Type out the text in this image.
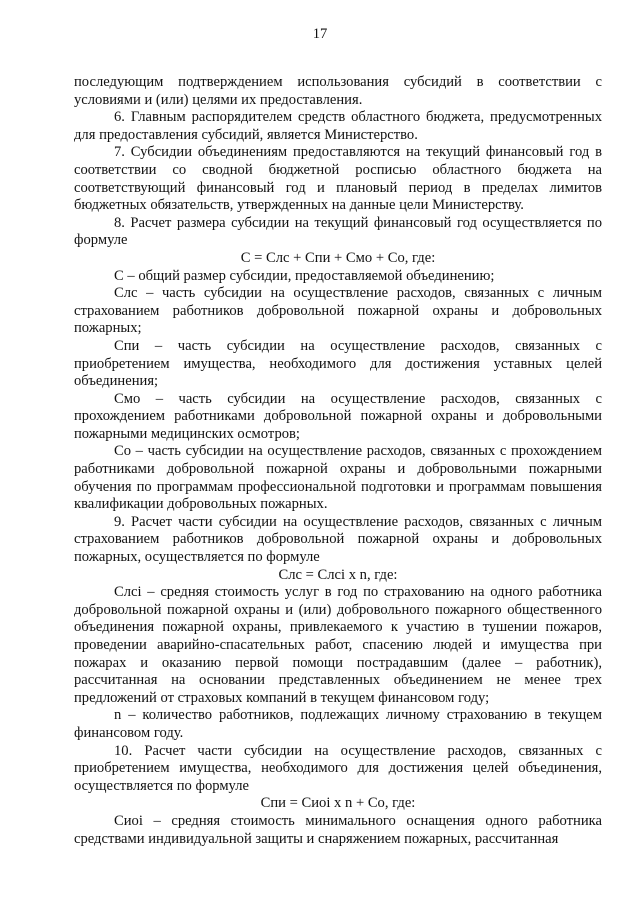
17

последующим подтверждением использования субсидий в соответствии с условиями и (или) целями их предоставления.

6. Главным распорядителем средств областного бюджета, предусмотренных для предоставления субсидий, является Министерство.

7. Субсидии объединениям предоставляются на текущий финансовый год в соответствии со сводной бюджетной росписью областного бюджета на соответствующий финансовый год и плановый период в пределах лимитов бюджетных обязательств, утвержденных на данные цели Министерству.

8. Расчет размера субсидии на текущий финансовый год осуществляется по формуле

С = Слс + Спи + Смо + Со, где:

С – общий размер субсидии, предоставляемой объединению;

Слс – часть субсидии на осуществление расходов, связанных с личным страхованием работников добровольной пожарной охраны и добровольных пожарных;

Спи – часть субсидии на осуществление расходов, связанных с приобретением имущества, необходимого для достижения уставных целей объединения;

Смо – часть субсидии на осуществление расходов, связанных с прохождением работниками добровольной пожарной охраны и добровольными пожарными медицинских осмотров;

Со – часть субсидии на осуществление расходов, связанных с прохождением работниками добровольной пожарной охраны и добровольными пожарными обучения по программам профессиональной подготовки и программам повышения квалификации добровольных пожарных.

9. Расчет части субсидии на осуществление расходов, связанных с личным страхованием работников добровольной пожарной охраны и добровольных пожарных, осуществляется по формуле

Слс = Слсi x n, где:

Слсi – средняя стоимость услуг в год по страхованию на одного работника добровольной пожарной охраны и (или) добровольного пожарного общественного объединения пожарной охраны, привлекаемого к участию в тушении пожаров, проведении аварийно-спасательных работ, спасению людей и имущества при пожарах и оказанию первой помощи пострадавшим (далее – работник), рассчитанная на основании представленных объединением не менее трех предложений от страховых компаний в текущем финансовом году;

n – количество работников, подлежащих личному страхованию в текущем финансовом году.

10. Расчет части субсидии на осуществление расходов, связанных с приобретением имущества, необходимого для достижения целей объединения, осуществляется по формуле

Спи = Сиoi x n + Со, где:

Сиoi – средняя стоимость минимального оснащения одного работника средствами индивидуальной защиты и снаряжением пожарных, рассчитанная
